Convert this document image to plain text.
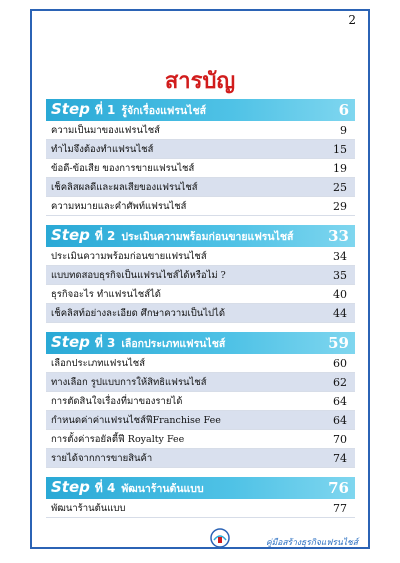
2
สารบัญ
Step ที่ 1 รู้จักเรื่องแฟรนไชส์	6
ความเป็นมาของแฟรนไชส์	9
ทำไมจึงต้องทำแฟรนไชส์	15
ข้อดี-ข้อเสีย ของการขายแฟรนไชส์	19
เช็คลิสผลดีและผลเสียของแฟรนไชส์	25
ความหมายและคำศัพท์แฟรนไชส์	29
Step ที่ 2 ประเมินความพร้อมก่อนขายแฟรนไชส์ 33
ประเมินความพร้อมก่อนขายแฟรนไชส์	34
แบบทดสอบธุรกิจเป็นแฟรนไชส์ได้หรือไม่ ?	35
ธุรกิจอะไร ทำแฟรนไชส์ได้	40
เช็คลิสท์อย่างละเอียด ศึกษาความเป็นไปได้	44
Step ที่ 3 เลือกประเภทแฟรนไชส์	59
เลือกประเภทแฟรนไชส์	60
ทางเลือก รูปแบบการให้สิทธิแฟรนไชส์	62
การตัดสินใจเรื่องที่มาของรายได้	64
กำหนดค่าค่าแฟรนไชส์ฟีFranchise Fee	64
การตั้งค่ารอยัลตี้ฟี Royalty Fee	70
รายได้จากการขายสินค้า	74
Step ที่ 4 พัฒนาร้านต้นแบบ	76
พัฒนาร้านต้นแบบ	77
คู่มือสร้างธุรกิจแฟรนไชส์
